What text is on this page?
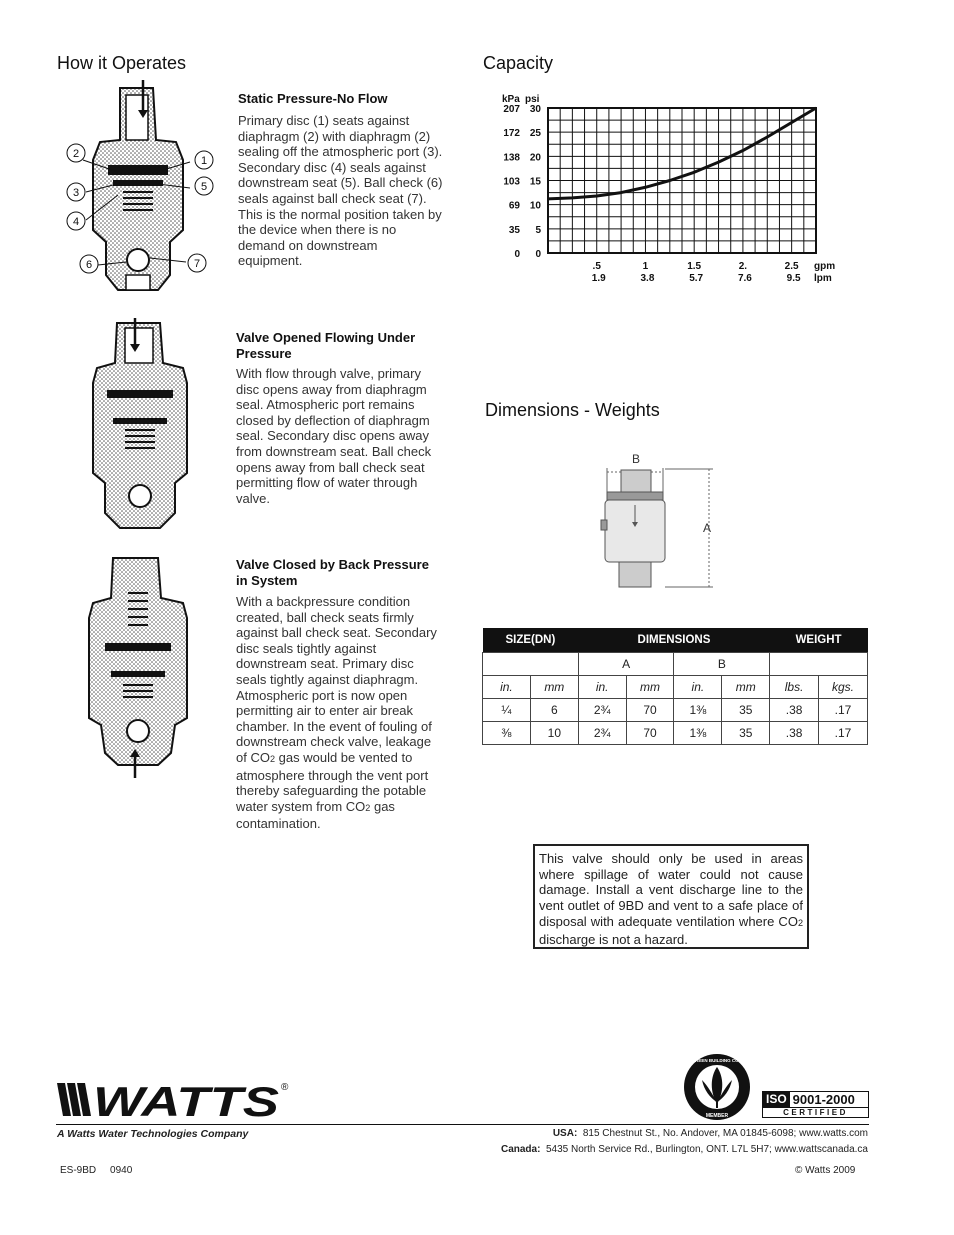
How it Operates
2
1
3	5
4
6	7
Static Pressure-No Flow
Primary disc (1) seats against diaphragm (2) with diaphragm (2) sealing off the atmospheric port (3). Secondary disc (4) seals against downstream seat (5). Ball check (6) seals against ball check seat (7). This is the normal position taken by the device when there is no demand on downstream equipment.
Valve Opened Flowing Under Pressure
With flow through valve, primary disc opens away from diaphragm seal. Atmospheric port remains closed by deflection of diaphragm seal. Secondary disc opens away from downstream seat. Ball check opens away from ball check seat permitting flow of water through valve.
Valve Closed by Back Pressure in System
With a backpressure condition created, ball check seats firmly against ball check seat. Secondary disc seals tightly against downstream seat. Primary disc seals tightly against diaphragm. Atmospheric port is now open permitting air to enter air break chamber. In the event of fouling of downstream check valve, leakage of CO2 gas would be vented to atmosphere through the vent port thereby safeguarding the potable water system from CO2 gas contamination.
Capacity
kPa psi
gpm
lpm
0
0
5
35
10
69
15
103
20
138
25
172
30
207
.5
1.9
1
3.8
1.5
5.7
2.
7.6
2.5
9.5
Dimensions - Weights
B
A
SIZE(DN)		DIMENSIONS				WEIGHT	
		A		B			
in.	mm	in.	mm	in.	mm	lbs.	kgs.
¼	6	2¾	70	1⅜	35	.38	.17
⅜	10	2¾	70	1⅜	35	.38	.17
This valve should only be used in areas where spillage of water could not cause damage. Install a vent discharge line to the vent outlet of 9BD and vent to a safe place of disposal with adequate ventilation where CO2 discharge is not a hazard.
WATTS ®
U.S. GREEN BUILDING COUNCIL
MEMBER
ISO 9001-2000
CERTIFIED
A Watts Water Technologies Company	USA: 815 Chestnut St., No. Andover, MA 01845-6098; www.watts.com
Canada: 5435 North Service Rd., Burlington, ONT. L7L 5H7; www.wattscanada.ca
ES-9BD 0940	© Watts 2009
